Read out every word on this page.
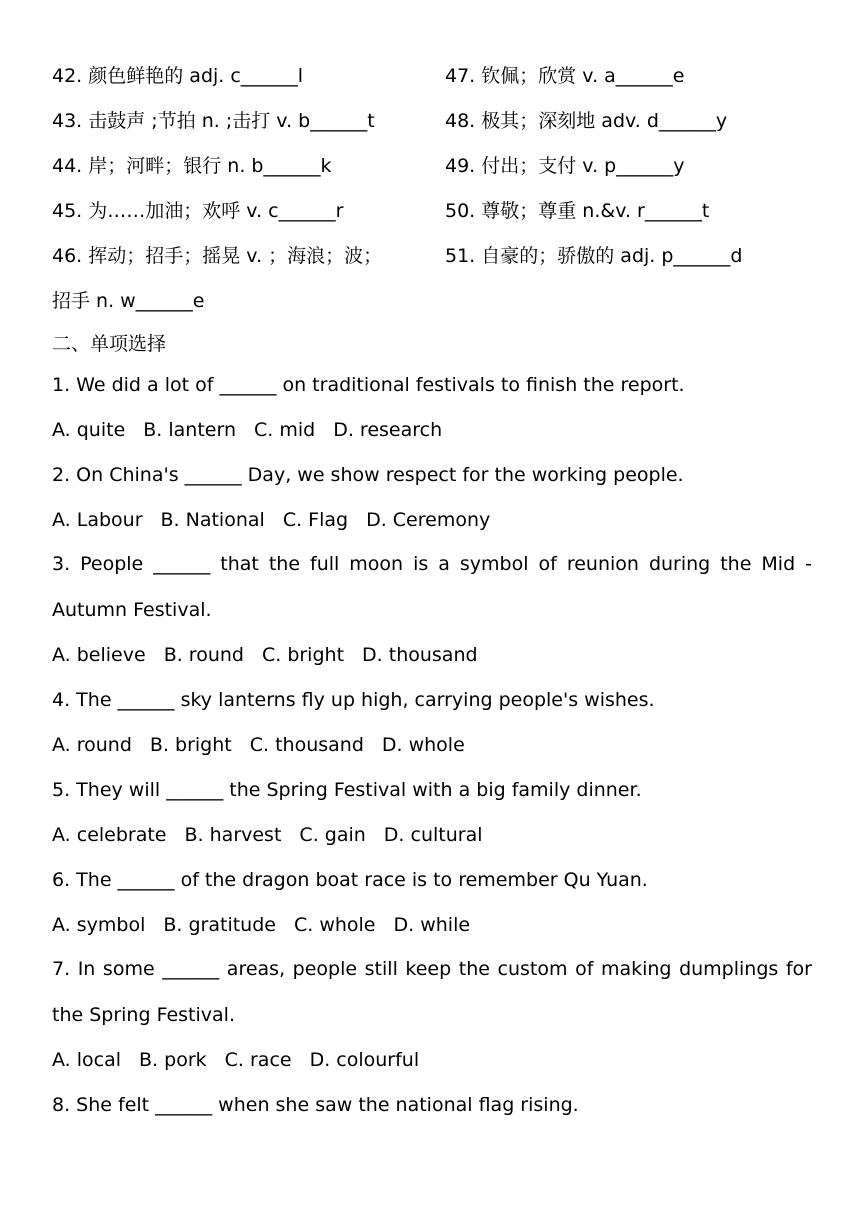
42. 颜色鲜艳的 adj. c______l	47. 钦佩；欣赏 v. a______e
43. 击鼓声 ;节拍 n. ;击打 v. b______t	48. 极其；深刻地 adv. d______y
44. 岸；河畔；银行 n. b______k	49. 付出；支付 v. p______y
45. 为……加油；欢呼 v. c______r	50. 尊敬；尊重 n.&v. r______t
46. 挥动；招手；摇晃 v. ；海浪；波；	51. 自豪的；骄傲的 adj. p______d
招手 n. w______e
二、单项选择
1. We did a lot of ______ on traditional festivals to finish the report.
A. quite B. lantern C. mid D. research
2. On China's ______ Day, we show respect for the working people.
A. Labour B. National C. Flag D. Ceremony
3. People ______ that the full moon is a symbol of reunion during the Mid -
Autumn Festival.
A. believe B. round C. bright D. thousand
4. The ______ sky lanterns fly up high, carrying people's wishes.
A. round B. bright C. thousand D. whole
5. They will ______ the Spring Festival with a big family dinner.
A. celebrate B. harvest C. gain D. cultural
6. The ______ of the dragon boat race is to remember Qu Yuan.
A. symbol B. gratitude C. whole D. while
7. In some ______ areas, people still keep the custom of making dumplings for
the Spring Festival.
A. local B. pork C. race D. colourful
8. She felt ______ when she saw the national flag rising.
